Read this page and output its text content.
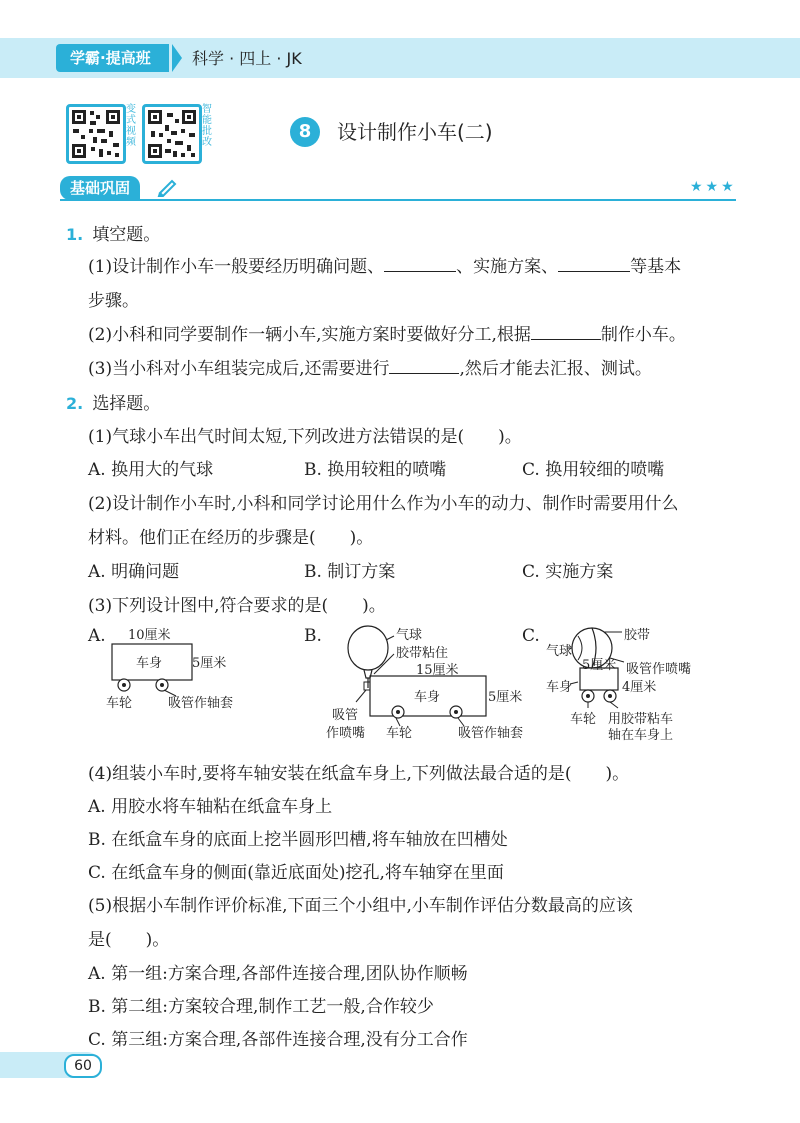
学霸·提高班	科学 · 四上 · JK
变式视频
智能批改
8	设计制作小车(二)
基础巩固	★★★
1. 填空题。
(1)设计制作小车一般要经历明确问题、	、实施方案、	等基本
步骤。
(2)小科和同学要制作一辆小车,实施方案时要做好分工,根据	制作小车。
(3)当小科对小车组装完成后,还需要进行	,然后才能去汇报、测试。
2. 选择题。
(1)气球小车出气时间太短,下列改进方法错误的是(　　)。
A. 换用大的气球	B. 换用较粗的喷嘴	C. 换用较细的喷嘴
(2)设计制作小车时,小科和同学讨论用什么作为小车的动力、制作时需要用什么
材料。他们正在经历的步骤是(　　)。
A. 明确问题	B. 制订方案	C. 实施方案
(3)下列设计图中,符合要求的是(　　)。
A. 10厘米
车身 5厘米
车轮	吸管作轴套
B.	气球
胶带粘住
15厘米
车身	5厘米
吸管
作喷嘴 车轮	吸管作轴套
C.	胶带
气球
吸管作喷嘴
5厘米
车身	4厘米
车轮 用胶带粘车
轴在车身上
(4)组装小车时,要将车轴安装在纸盒车身上,下列做法最合适的是(　　)。
A. 用胶水将车轴粘在纸盒车身上
B. 在纸盒车身的底面上挖半圆形凹槽,将车轴放在凹槽处
C. 在纸盒车身的侧面(靠近底面处)挖孔,将车轴穿在里面
(5)根据小车制作评价标准,下面三个小组中,小车制作评估分数最高的应该
是(　　)。
A. 第一组:方案合理,各部件连接合理,团队协作顺畅
B. 第二组:方案较合理,制作工艺一般,合作较少
C. 第三组:方案合理,各部件连接合理,没有分工合作
60
